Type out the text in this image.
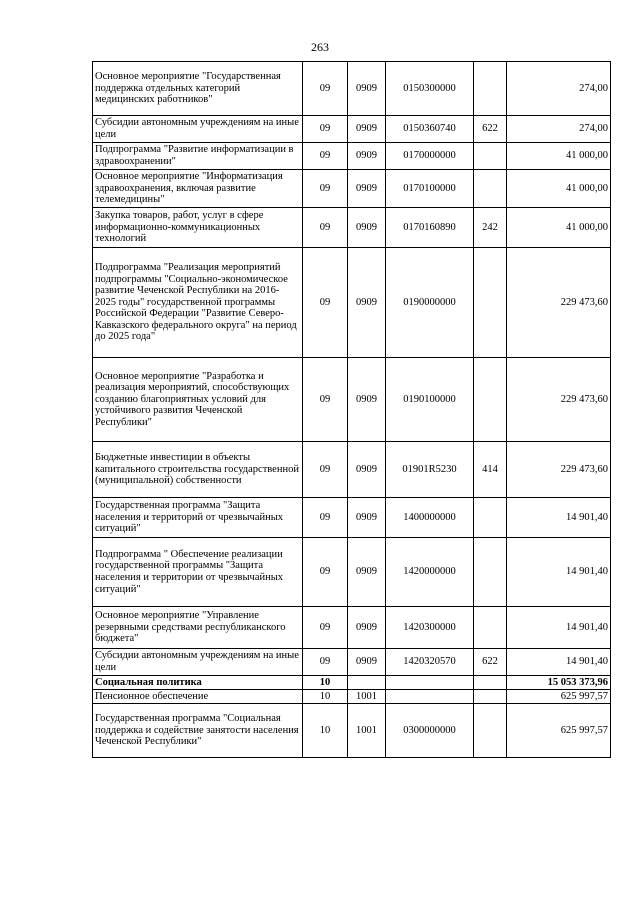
263
Основное мероприятие "Государственная поддержка отдельных категорий медицинских работников"	09	0909	0150300000		274,00
Субсидии автономным учреждениям на иные цели	09	0909	0150360740	622	274,00
Подпрограмма "Развитие информатизации в здравоохранении"	09	0909	0170000000		41 000,00
Основное мероприятие "Информатизация здравоохранения, включая развитие телемедицины"	09	0909	0170100000		41 000,00
Закупка товаров, работ, услуг в сфере информационно-коммуникационных технологий	09	0909	0170160890	242	41 000,00
Подпрограмма "Реализация мероприятий подпрограммы "Социально-экономическое развитие Чеченской Республики на 2016-2025 годы" государственной программы Российской Федерации "Развитие Северо-Кавказского федерального округа" на период до 2025 года"	09	0909	0190000000		229 473,60
Основное мероприятие "Разработка и реализация мероприятий, способствующих созданию благоприятных условий для устойчивого развития Чеченской Республики"	09	0909	0190100000		229 473,60
Бюджетные инвестиции в объекты капитального строительства государственной (муниципальной) собственности	09	0909	01901R5230	414	229 473,60
Государственная программа "Защита населения и территорий от чрезвычайных ситуаций"	09	0909	1400000000		14 901,40
Подпрограмма " Обеспечение реализации государственной программы "Защита населения и территории от чрезвычайных ситуаций"	09	0909	1420000000		14 901,40
Основное мероприятие "Управление резервными средствами республиканского бюджета"	09	0909	1420300000		14 901,40
Субсидии автономным учреждениям на иные цели	09	0909	1420320570	622	14 901,40
Социальная политика	10				15 053 373,96
Пенсионное обеспечение	10	1001			625 997,57
Государственная программа "Социальная поддержка и содействие занятости населения Чеченской Республики"	10	1001	0300000000		625 997,57
